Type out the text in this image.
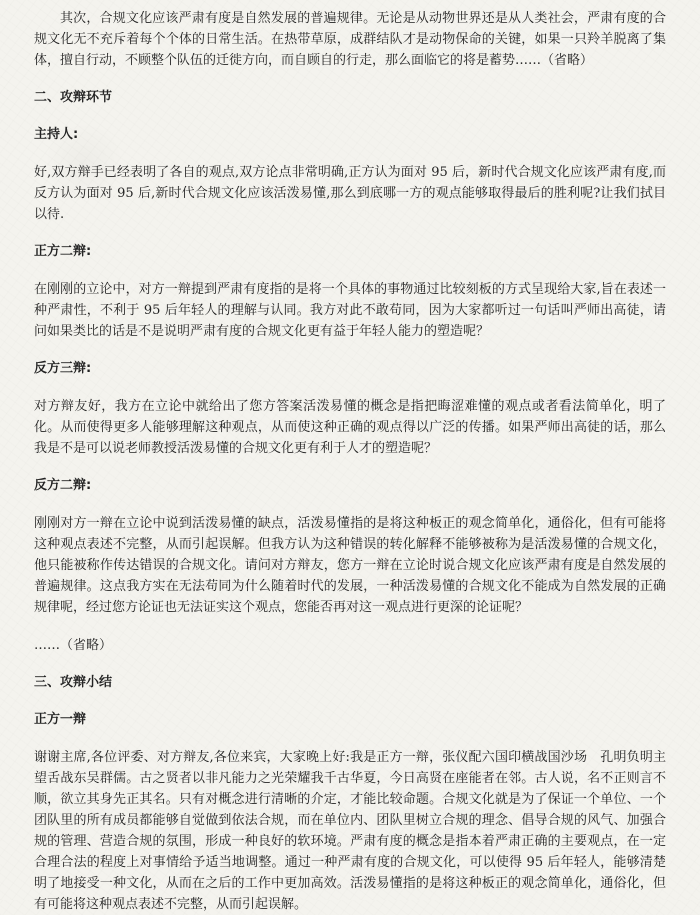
其次，合规文化应该严肃有度是自然发展的普遍规律。无论是从动物世界还是从人类社会，严肃有度的合规文化无不充斥着每个个体的日常生活。在热带草原，成群结队才是动物保命的关键，如果一只羚羊脱离了集体，擅自行动，不顾整个队伍的迁徙方向，而自顾自的行走，那么面临它的将是蓄势……（省略）

二、攻辩环节
主持人:

好,双方辩手已经表明了各自的观点,双方论点非常明确,正方认为面对 95 后，新时代合规文化应该严肃有度,而反方认为面对 95 后,新时代合规文化应该活泼易懂,那么到底哪一方的观点能够取得最后的胜利呢?让我们拭目以待.

正方二辩:

在刚刚的立论中，对方一辩提到严肃有度指的是将一个具体的事物通过比较刻板的方式呈现给大家,旨在表述一种严肃性，不利于 95 后年轻人的理解与认同。我方对此不敢苟同，因为大家都听过一句话叫严师出高徒，请问如果类比的话是不是说明严肃有度的合规文化更有益于年轻人能力的塑造呢？

反方三辩:

对方辩友好，我方在立论中就给出了您方答案活泼易懂的概念是指把晦涩难懂的观点或者看法简单化，明了化。从而使得更多人能够理解这种观点，从而使这种正确的观点得以广泛的传播。如果严师出高徒的话，那么我是不是可以说老师教授活泼易懂的合规文化更有利于人才的塑造呢？

反方二辩:

刚刚对方一辩在立论中说到活泼易懂的缺点，活泼易懂指的是将这种板正的观念简单化，通俗化，但有可能将这种观点表述不完整，从而引起误解。但我方认为这种错误的转化解释不能够被称为是活泼易懂的合规文化，他只能被称作传达错误的合规文化。请问对方辩友，您方一辩在立论时说合规文化应该严肃有度是自然发展的普遍规律。这点我方实在无法苟同为什么随着时代的发展，一种活泼易懂的合规文化不能成为自然发展的正确规律呢，经过您方论证也无法证实这个观点，您能否再对这一观点进行更深的论证呢？

……（省略）

三、攻辩小结
正方一辩

谢谢主席,各位评委、对方辩友,各位来宾，大家晚上好:我是正方一辩，张仪配六国印横战国沙场　孔明负明主望舌战东吴群儒。古之贤者以非凡能力之光荣耀我千古华夏，今日高贤在座能者在邻。古人说，名不正则言不顺，欲立其身先正其名。只有对概念进行清晰的介定，才能比较命题。合规文化就是为了保证一个单位、一个团队里的所有成员都能够自觉做到依法合规，而在单位内、团队里树立合规的理念、倡导合规的风气、加强合规的管理、营造合规的氛围，形成一种良好的软环境。严肃有度的概念是指本着严肃正确的主要观点，在一定合理合法的程度上对事情给予适当地调整。通过一种严肃有度的合规文化，可以使得 95 后年轻人，能够清楚明了地接受一种文化，从而在之后的工作中更加高效。活泼易懂指的是将这种板正的观念简单化，通俗化，但有可能将这种观点表述不完整，从而引起误解。
